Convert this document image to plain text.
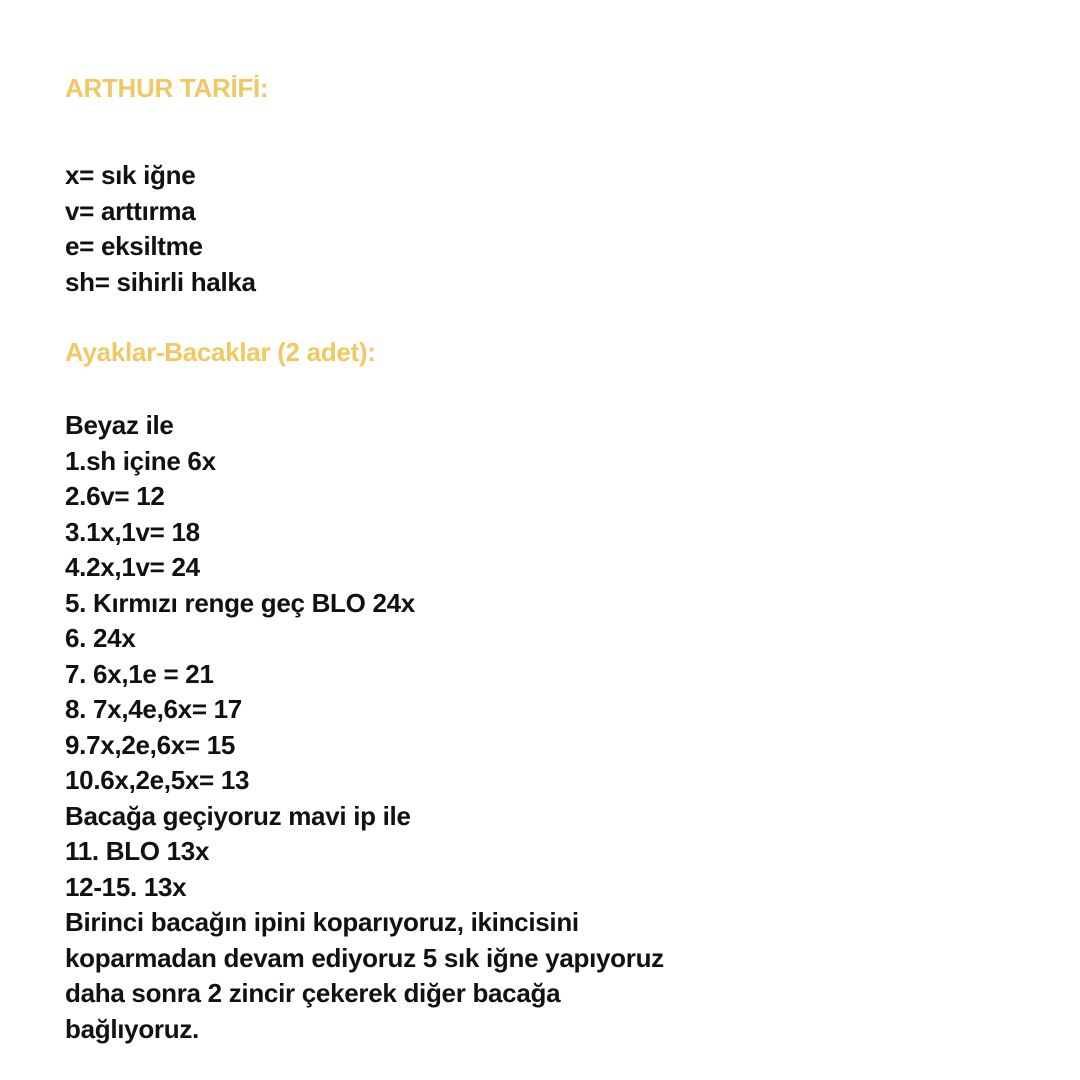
ARTHUR TARİFİ:
x= sık iğne
v= arttırma
e= eksiltme
sh= sihirli halka
Ayaklar-Bacaklar (2 adet):
Beyaz ile
1.sh içine 6x
2.6v= 12
3.1x,1v= 18
4.2x,1v= 24
5. Kırmızı renge geç BLO 24x
6. 24x
7. 6x,1e = 21
8. 7x,4e,6x= 17
9.7x,2e,6x= 15
10.6x,2e,5x= 13
Bacağa geçiyoruz mavi ip ile
11. BLO 13x
12-15. 13x
Birinci bacağın ipini koparıyoruz, ikincisini
koparmadan devam ediyoruz 5 sık iğne yapıyoruz
daha sonra 2 zincir çekerek diğer bacağa
bağlıyoruz.
